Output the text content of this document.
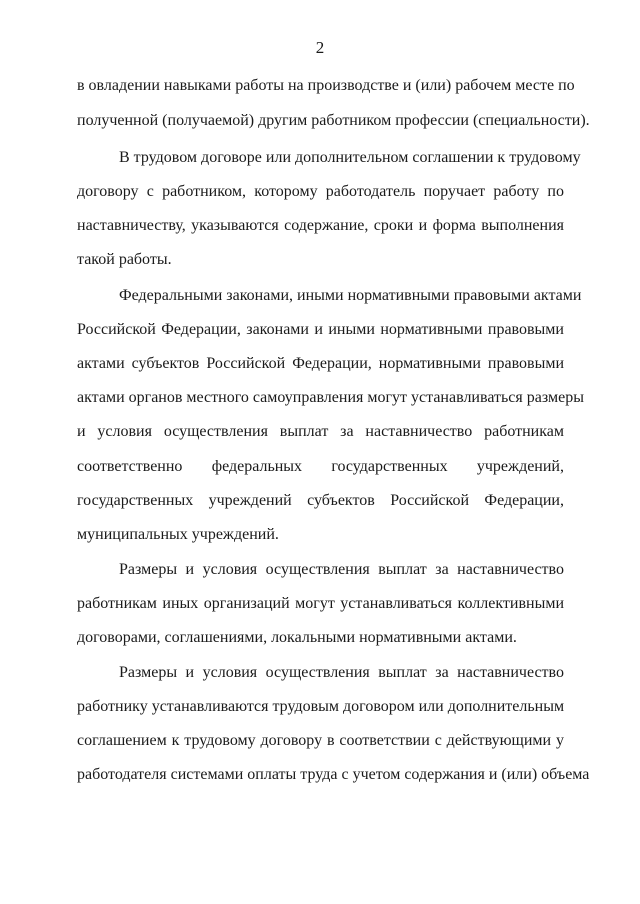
2
в овладении навыками работы на производстве и (или) рабочем месте по
полученной (получаемой) другим работником профессии (специальности).
В трудовом договоре или дополнительном соглашении к трудовому
договору с работником, которому работодатель поручает работу по
наставничеству, указываются содержание, сроки и форма выполнения
такой работы.
Федеральными законами, иными нормативными правовыми актами
Российской Федерации, законами и иными нормативными правовыми
актами субъектов Российской Федерации, нормативными правовыми
актами органов местного самоуправления могут устанавливаться размеры
и условия осуществления выплат за наставничество работникам
соответственно федеральных государственных учреждений,
государственных учреждений субъектов Российской Федерации,
муниципальных учреждений.
Размеры и условия осуществления выплат за наставничество
работникам иных организаций могут устанавливаться коллективными
договорами, соглашениями, локальными нормативными актами.
Размеры и условия осуществления выплат за наставничество
работнику устанавливаются трудовым договором или дополнительным
соглашением к трудовому договору в соответствии с действующими у
работодателя системами оплаты труда с учетом содержания и (или) объема
